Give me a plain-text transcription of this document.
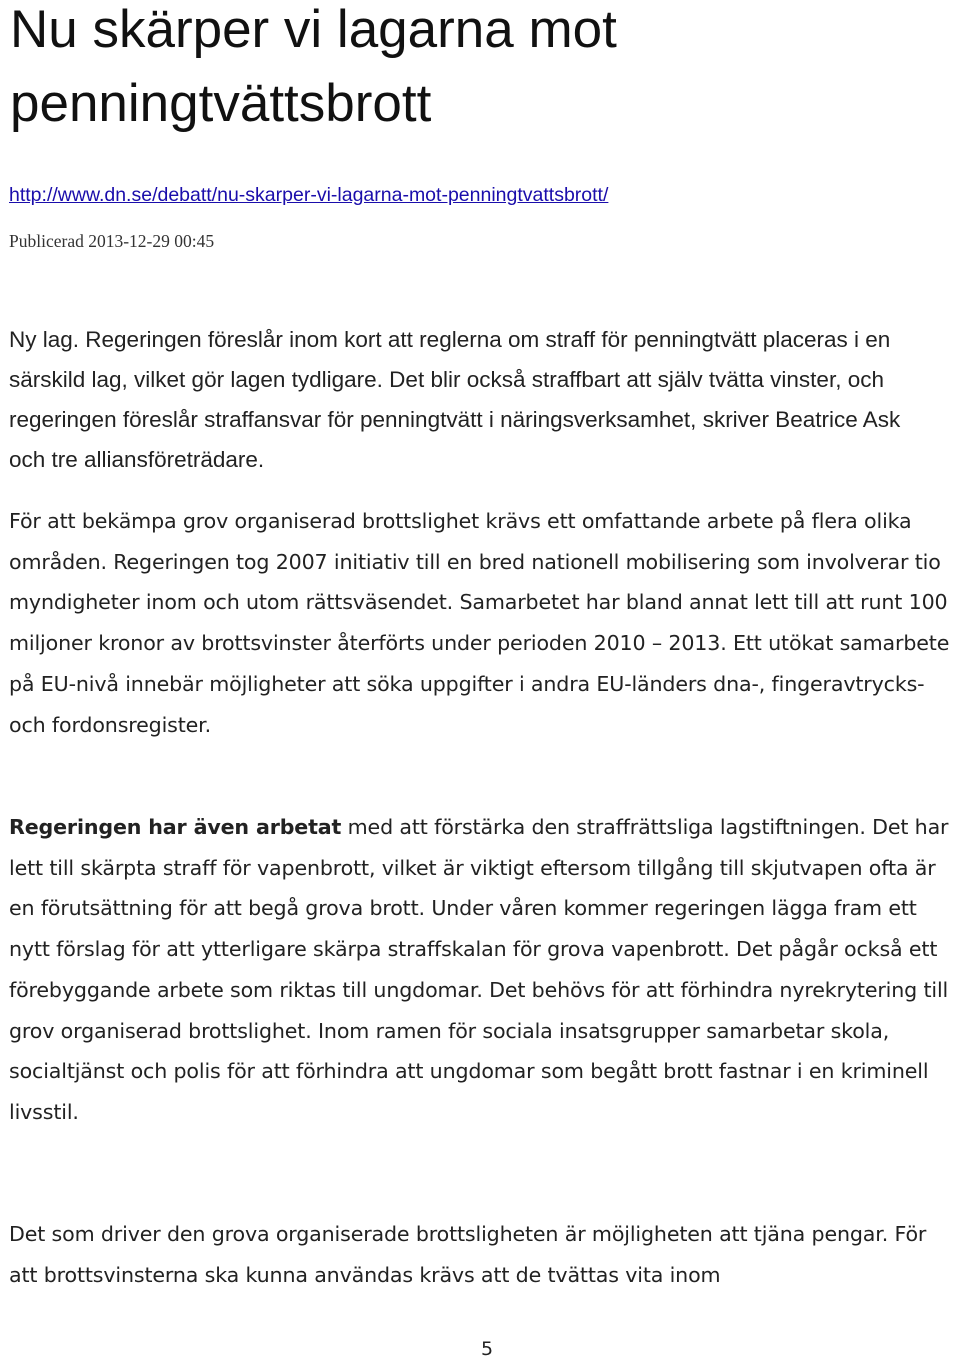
Nu skärper vi lagarna mot penningtvättsbrott
http://www.dn.se/debatt/nu-skarper-vi-lagarna-mot-penningtvattsbrott/
Publicerad 2013-12-29 00:45

Ny lag. Regeringen föreslår inom kort att reglerna om straff för penningtvätt placeras i en särskild lag, vilket gör lagen tydligare. Det blir också straffbart att själv tvätta vinster, och regeringen föreslår straffansvar för penningtvätt i näringsverksamhet, skriver Beatrice Ask och tre alliansföreträdare.

För att bekämpa grov organiserad brottslighet krävs ett omfattande arbete på flera olika områden. Regeringen tog 2007 initiativ till en bred nationell mobilisering som involverar tio myndigheter inom och utom rättsväsendet. Samarbetet har bland annat lett till att runt 100 miljoner kronor av brottsvinster återförts under perioden 2010 – 2013. Ett utökat samarbete på EU-nivå innebär möjligheter att söka uppgifter i andra EU-länders dna-, fingeravtrycks- och fordonsregister.

Regeringen har även arbetat med att förstärka den straffrättsliga lagstiftningen. Det har lett till skärpta straff för vapenbrott, vilket är viktigt eftersom tillgång till skjutvapen ofta är en förutsättning för att begå grova brott. Under våren kommer regeringen lägga fram ett nytt förslag för att ytterligare skärpa straffskalan för grova vapenbrott. Det pågår också ett förebyggande arbete som riktas till ungdomar. Det behövs för att förhindra nyrekrytering till grov organiserad brottslighet. Inom ramen för sociala insatsgrupper samarbetar skola, socialtjänst och polis för att förhindra att ungdomar som begått brott fastnar i en kriminell livsstil.

Det som driver den grova organiserade brottsligheten är möjligheten att tjäna pengar. För att brottsvinsterna ska kunna användas krävs att de tvättas vita inom

5
